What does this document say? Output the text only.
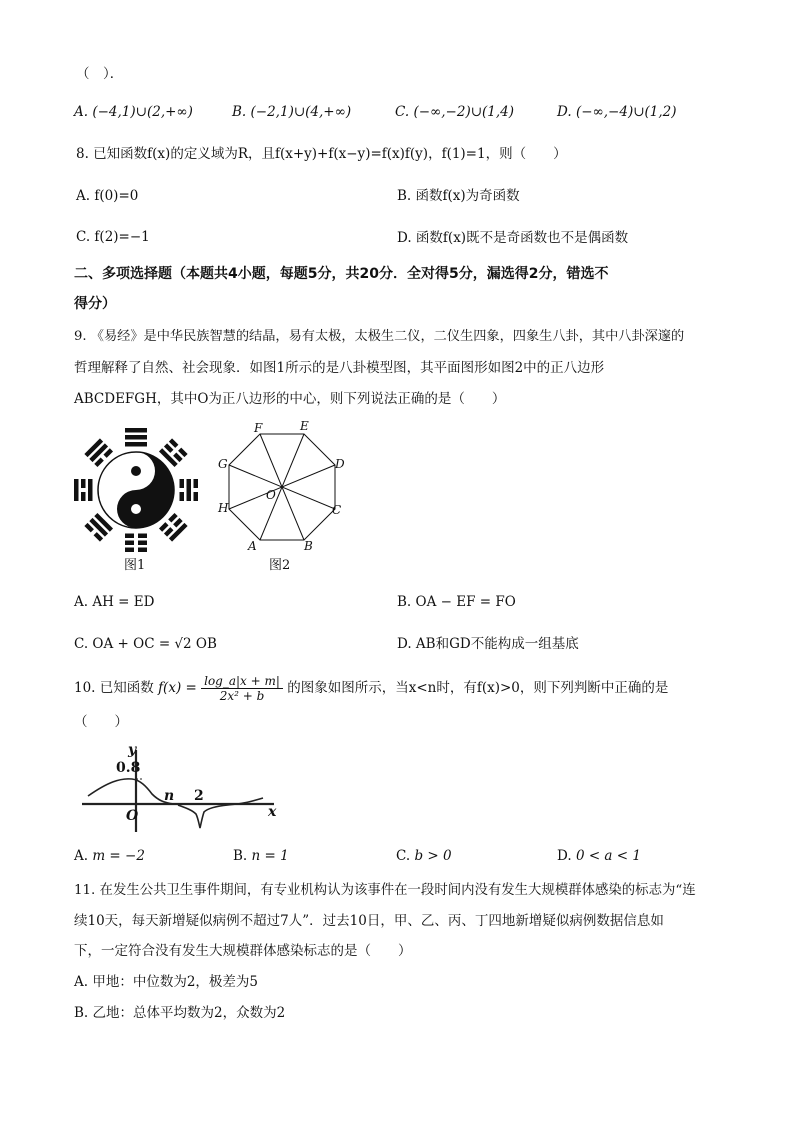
（　）．
A. (−4,1)∪(2,+∞)	B. (−2,1)∪(4,+∞)	C. (−∞,−2)∪(1,4)	D. (−∞,−4)∪(1,2)
8. 已知函数f(x)的定义域为R，且f(x+y)+f(x−y)=f(x)f(y)，f(1)=1，则（　　）
A. f(0)=0	B. 函数f(x)为奇函数
C. f(2)=−1	D. 函数f(x)既不是奇函数也不是偶函数
二、多项选择题（本题共4小题，每题5分，共20分．全对得5分，漏选得2分，错选不
得分）
9. 《易经》是中华民族智慧的结晶，易有太极，太极生二仪，二仪生四象，四象生八卦，其中八卦深邃的
哲理解释了自然、社会现象．如图1所示的是八卦模型图，其平面图形如图2中的正八边形
ABCDEFGH，其中O为正八边形的中心，则下列说法正确的是（　　）
图1
A	B
C
D
E
F
G
H
O
图2
A. AH = ED	B. OA − EF = FO
C. OA + OC = √2 OB	D. AB和GD不能构成一组基底
10. 已知函数 $f(x) = \frac{\log\_a|x + m|}{\text{2x² + b}}$ 的图象如图所示，当x<n时，有f(x)>0，则下列判断中正确的是
（　　）
y
x
0.8
O
n 2
A. m = −2	B. n = 1	C. b > 0	D. 0 < a < 1
11. 在发生公共卫生事件期间，有专业机构认为该事件在一段时间内没有发生大规模群体感染的标志为“连
续10天，每天新增疑似病例不超过7人”．过去10日，甲、乙、丙、丁四地新增疑似病例数据信息如
下，一定符合没有发生大规模群体感染标志的是（　　）
A. 甲地：中位数为2，极差为5
B. 乙地：总体平均数为2，众数为2
